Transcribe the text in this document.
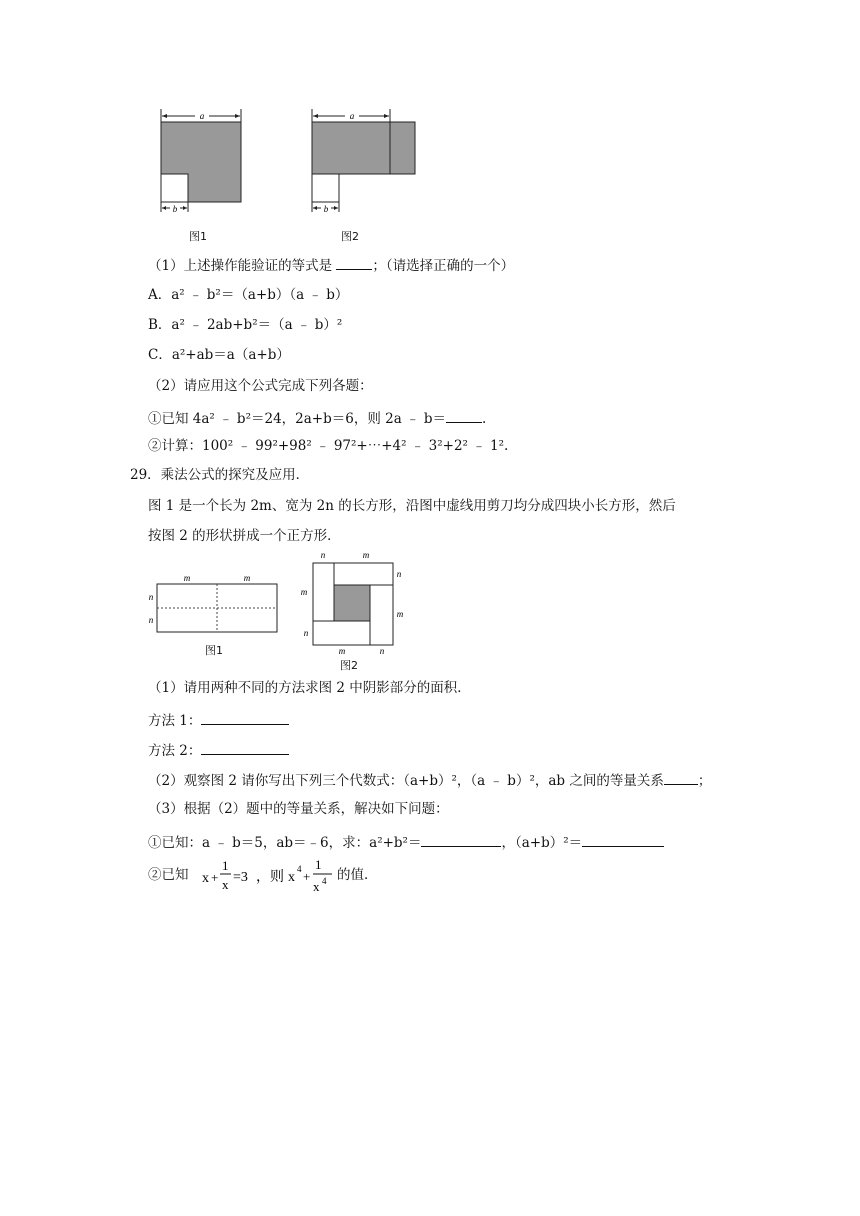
a
b
图1
a
b
图2
（1）上述操作能验证的等式是	；（请选择正确的一个）
A．a² ﹣ b²＝（a+b）（a ﹣ b）
B．a² ﹣ 2ab+b²＝（a ﹣ b）²
C．a²+ab＝a（a+b）
（2）请应用这个公式完成下列各题：
①已知 4a² ﹣ b²＝24，2a+b＝6，则 2a ﹣ b＝	.
②计算：100² ﹣ 99²+98² ﹣ 97²+⋯+4² ﹣ 3²+2² ﹣ 1².
29．乘法公式的探究及应用．
图 1 是一个长为 2m、宽为 2n 的长方形，沿图中虚线用剪刀均分成四块小长方形，然后
按图 2 的形状拼成一个正方形．
m	m
n
n
图1
n	m
n
m
m
n
m	n
图2
（1）请用两种不同的方法求图 2 中阴影部分的面积．
方法 1：
方法 2：
（2）观察图 2 请你写出下列三个代数式：（a+b）²，（a ﹣ b）²，ab 之间的等量关系	；
（3）根据（2）题中的等量关系，解决如下问题：
①已知：a ﹣ b＝5，ab＝﹣6，求：a²+b²＝	，（a+b）²＝
②已知 x +
1
x =3 ，则 x
4 +
1
x 4 的值．
